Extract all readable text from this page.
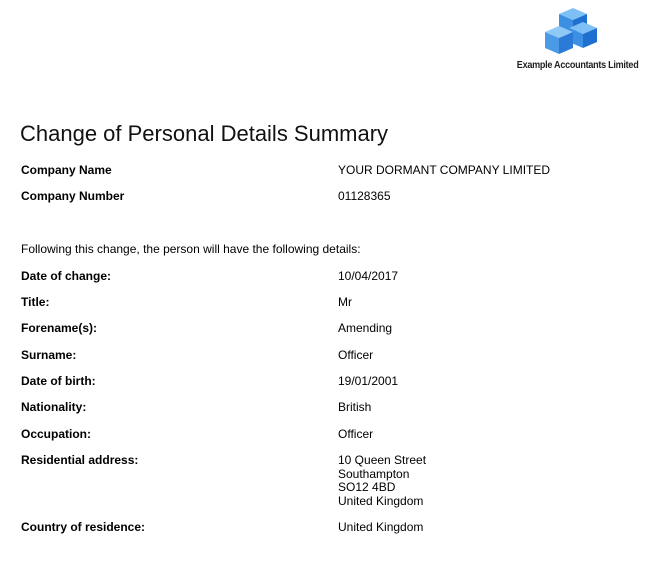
Example Accountants Limited
Change of Personal Details Summary
Company Name	YOUR DORMANT COMPANY LIMITED
Company Number	01128365
Following this change, the person will have the following details:
Date of change:	10/04/2017
Title:	Mr
Forename(s):	Amending
Surname:	Officer
Date of birth:	19/01/2001
Nationality:	British
Occupation:	Officer
Residential address:	10 Queen Street
Southampton
SO12 4BD
United Kingdom
Country of residence:	United Kingdom
